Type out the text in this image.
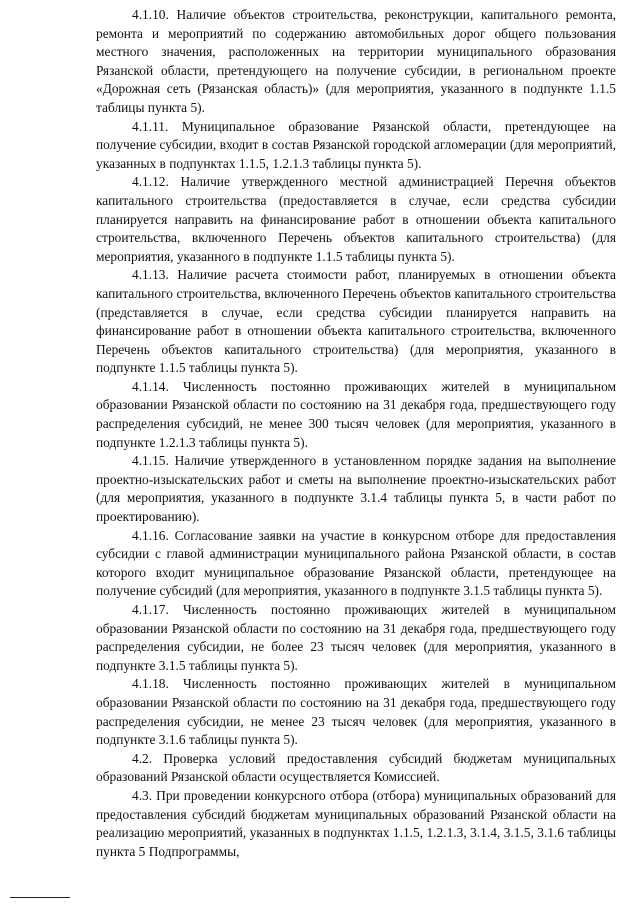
4.1.10. Наличие объектов строительства, реконструкции, капитального ремонта, ремонта и мероприятий по содержанию автомобильных дорог общего пользования местного значения, расположенных на территории муниципального образования Рязанской области, претендующего на получение субсидии, в региональном проекте «Дорожная сеть (Рязанская область)» (для мероприятия, указанного в подпункте 1.1.5 таблицы пункта 5).

4.1.11. Муниципальное образование Рязанской области, претендующее на получение субсидии, входит в состав Рязанской городской агломерации (для мероприятий, указанных в подпунктах 1.1.5, 1.2.1.3 таблицы пункта 5).

4.1.12. Наличие утвержденного местной администрацией Перечня объектов капитального строительства (предоставляется в случае, если средства субсидии планируется направить на финансирование работ в отношении объекта капитального строительства, включенного Перечень объектов капитального строительства) (для мероприятия, указанного в подпункте 1.1.5 таблицы пункта 5).

4.1.13. Наличие расчета стоимости работ, планируемых в отношении объекта капитального строительства, включенного Перечень объектов капитального строительства (представляется в случае, если средства субсидии планируется направить на финансирование работ в отношении объекта капитального строительства, включенного Перечень объектов капитального строительства) (для мероприятия, указанного в подпункте 1.1.5 таблицы пункта 5).

4.1.14. Численность постоянно проживающих жителей в муниципальном образовании Рязанской области по состоянию на 31 декабря года, предшествующего году распределения субсидий, не менее 300 тысяч человек (для мероприятия, указанного в подпункте 1.2.1.3 таблицы пункта 5).

4.1.15. Наличие утвержденного в установленном порядке задания на выполнение проектно-изыскательских работ и сметы на выполнение проектно-изыскательских работ (для мероприятия, указанного в подпункте 3.1.4 таблицы пункта 5, в части работ по проектированию).

4.1.16. Согласование заявки на участие в конкурсном отборе для предоставления субсидии с главой администрации муниципального района Рязанской области, в состав которого входит муниципальное образование Рязанской области, претендующее на получение субсидий (для мероприятия, указанного в подпункте 3.1.5 таблицы пункта 5).

4.1.17. Численность постоянно проживающих жителей в муниципальном образовании Рязанской области по состоянию на 31 декабря года, предшествующего году распределения субсидии, не более 23 тысяч человек (для мероприятия, указанного в подпункте 3.1.5 таблицы пункта 5).

4.1.18. Численность постоянно проживающих жителей в муниципальном образовании Рязанской области по состоянию на 31 декабря года, предшествующего году распределения субсидии, не менее 23 тысяч человек (для мероприятия, указанного в подпункте 3.1.6 таблицы пункта 5).

4.2. Проверка условий предоставления субсидий бюджетам муниципальных образований Рязанской области осуществляется Комиссией.

4.3. При проведении конкурсного отбора (отбора) муниципальных образований для предоставления субсидий бюджетам муниципальных образований Рязанской области на реализацию мероприятий, указанных в подпунктах 1.1.5, 1.2.1.3, 3.1.4, 3.1.5, 3.1.6 таблицы пункта 5 Подпрограммы,
